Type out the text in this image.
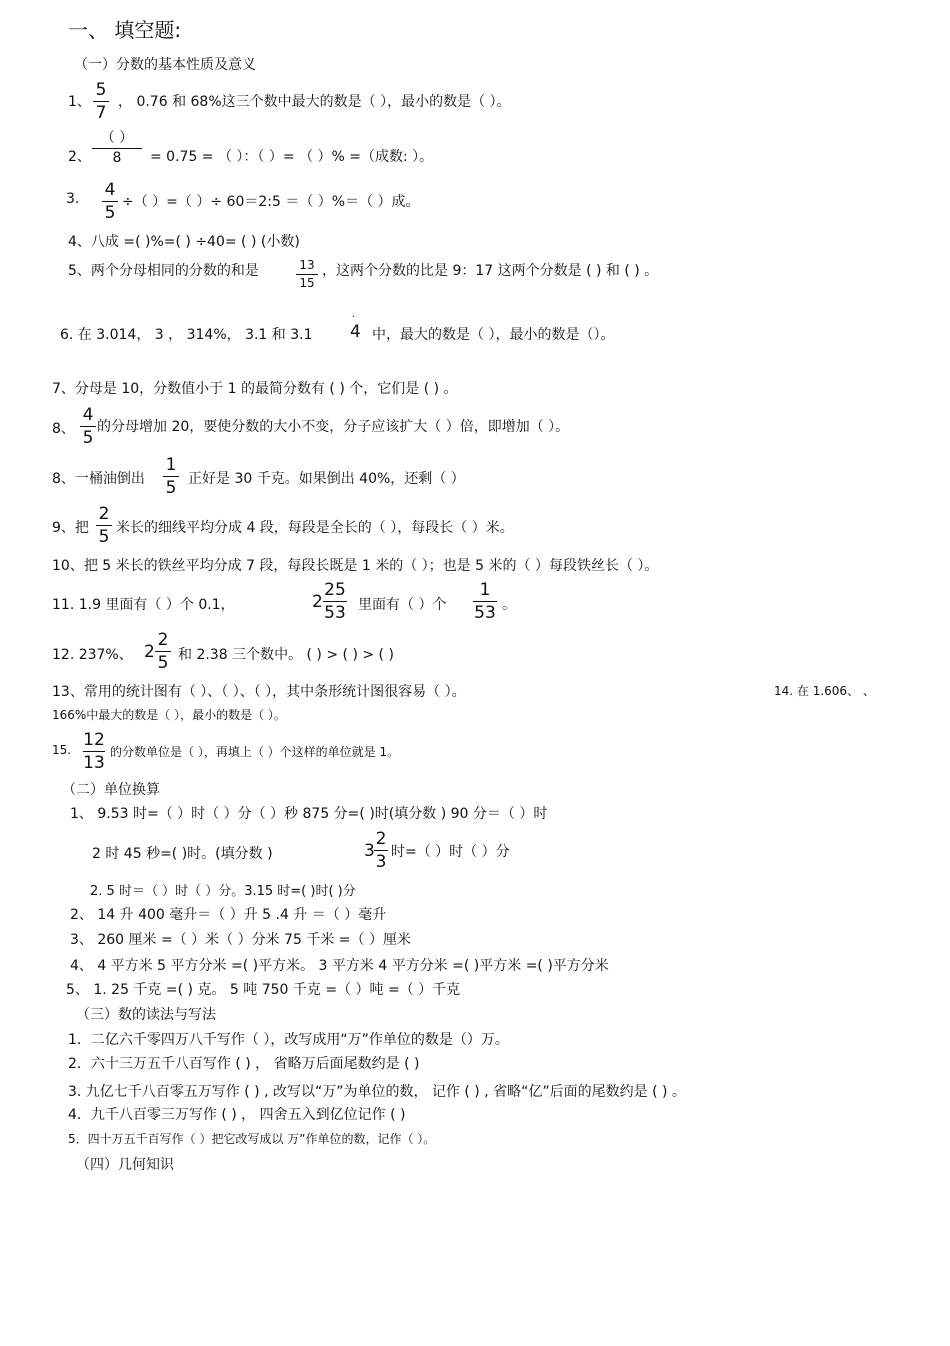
一、 填空题:
（一）分数的基本性质及意义
1、
5
7
， 0.76 和 68%这三个数中最大的数是（ ），最小的数是（ ）。
2、
（ ）
8	= 0.75 = （ ）：（ ）= （ ）% =（成数: ）。
3. 4
5
÷（ ）=（ ）÷ 60＝2:5 ＝（ ）%＝（ ）成。
4、八成 =( )%=( ) ÷40= ( ) (小数)
5、两个分母相同的分数的和是	13
15
，这两个分数的比是 9：17 这两个分数是 ( ) 和 ( ) 。
6. 在 3.014， 3 ， 314%， 3.1 和 3.1
·
4 中，最大的数是（ ），最小的数是（）。
7、分母是 10，分数值小于 1 的最简分数有 ( ) 个，它们是 ( ) 。
8、
4
5
的分母增加 20，要使分数的大小不变，分子应该扩大（ ）倍，即增加（ ）。
8、一桶油倒出
1
5 正好是 30 千克。如果倒出 40%，还剩（ ）
9、把
2
5 米长的细线平均分成 4 段，每段是全长的（ ），每段长（ ）米。
10、把 5 米长的铁丝平均分成 7 段，每段长既是 1 米的（ ）；也是 5 米的（ ）每段铁丝长（ ）。
11. 1.9 里面有（ ）个 0.1，	2
25
53 里面有（ ）个
1
53 。
12. 237%、 2
2
5 和 2.38 三个数中。 ( ) > ( ) > ( )
13、常用的统计图有（ ）、（ ）、（ ），其中条形统计图很容易（ ）。	14. 在 1.606、 、
166%中最大的数是（ ），最小的数是（ ）。
15. 12
13
的分数单位是（ ），再填上（ ）个这样的单位就是 1。
（二）单位换算
1、 9.53 时=（ ）时（ ）分（ ）秒 875 分=( )时(填分数 ) 90 分＝（ ）时
2 时 45 秒=( )时。(填分数 )	3
2
3 时=（ ）时（ ）分
2. 5 时＝（ ）时（ ）分。3.15 时=( )时( )分
2、 14 升 400 毫升＝（ ）升 5 .4 升 ＝（ ）毫升
3、 260 厘米 =（ ）米（ ）分米 75 千米 =（ ）厘米
4、 4 平方米 5 平方分米 =( )平方米。 3 平方米 4 平方分米 =( )平方米 =( )平方分米
5、 1. 25 千克 =( ) 克。 5 吨 750 千克 =（ ）吨 =（ ）千克
（三）数的读法与写法
1．二亿六千零四万八千写作（ ），改写成用“万”作单位的数是（）万。
2．六十三万五千八百写作 ( ) ， 省略万后面尾数约是 ( )
3. 九亿七千八百零五万写作 ( ) , 改写以“万”为单位的数， 记作 ( ) , 省略“亿”后面的尾数约是 ( ) 。
4．九千八百零三万写作 ( ) ， 四舍五入到亿位记作 ( )
5．四十万五千百写作（ ）把它改写成以 万”作单位的数，记作（ ）。
（四）几何知识
